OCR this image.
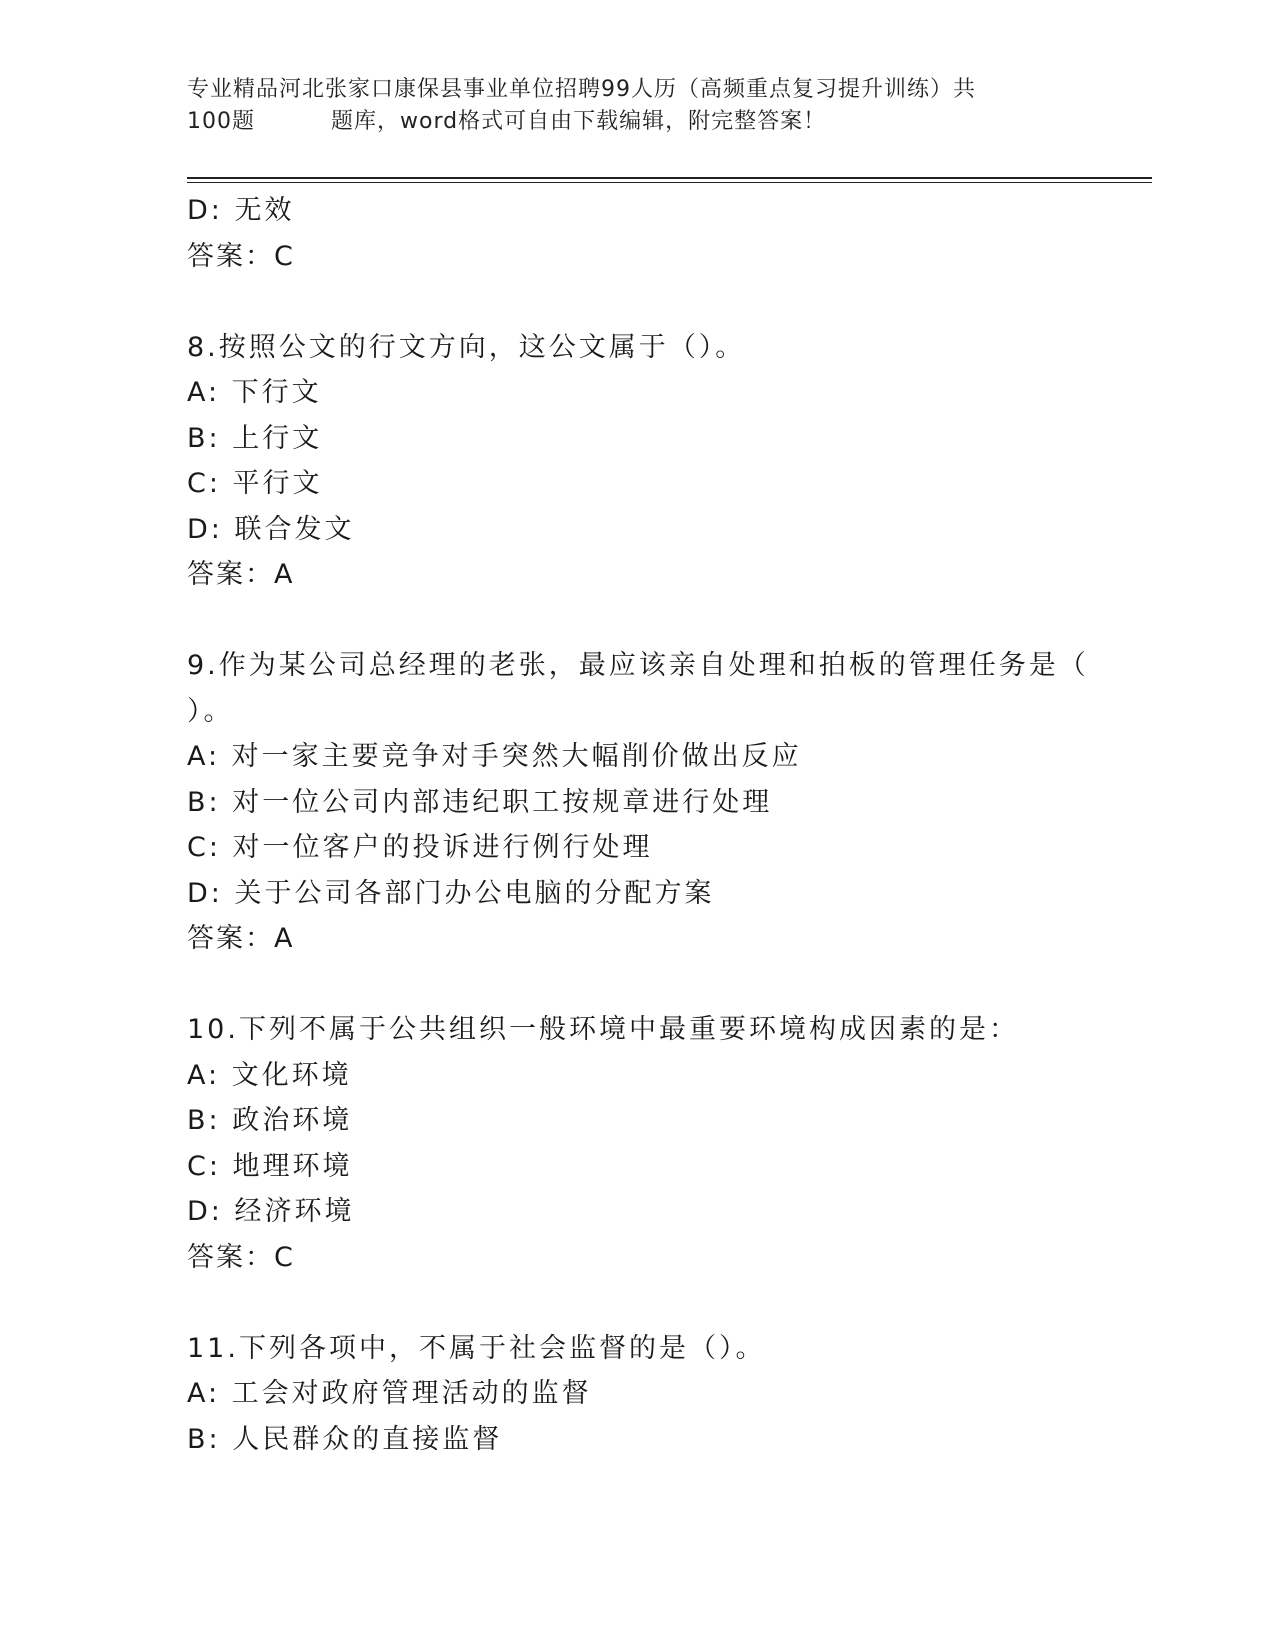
专业精品河北张家口康保县事业单位招聘99人历（高频重点复习提升训练）共

100题	题库，word格式可自由下载编辑，附完整答案！
D: 无效
答案：C
8.按照公文的行文方向，这公文属于（）。
A: 下行文
B: 上行文
C: 平行文
D: 联合发文
答案：A
9.作为某公司总经理的老张，最应该亲自处理和拍板的管理任务是（
）。
A: 对一家主要竞争对手突然大幅削价做出反应
B: 对一位公司内部违纪职工按规章进行处理
C: 对一位客户的投诉进行例行处理
D: 关于公司各部门办公电脑的分配方案
答案：A
10.下列不属于公共组织一般环境中最重要环境构成因素的是：
A: 文化环境
B: 政治环境
C: 地理环境
D: 经济环境
答案：C
11.下列各项中，不属于社会监督的是（）。
A: 工会对政府管理活动的监督
B: 人民群众的直接监督
